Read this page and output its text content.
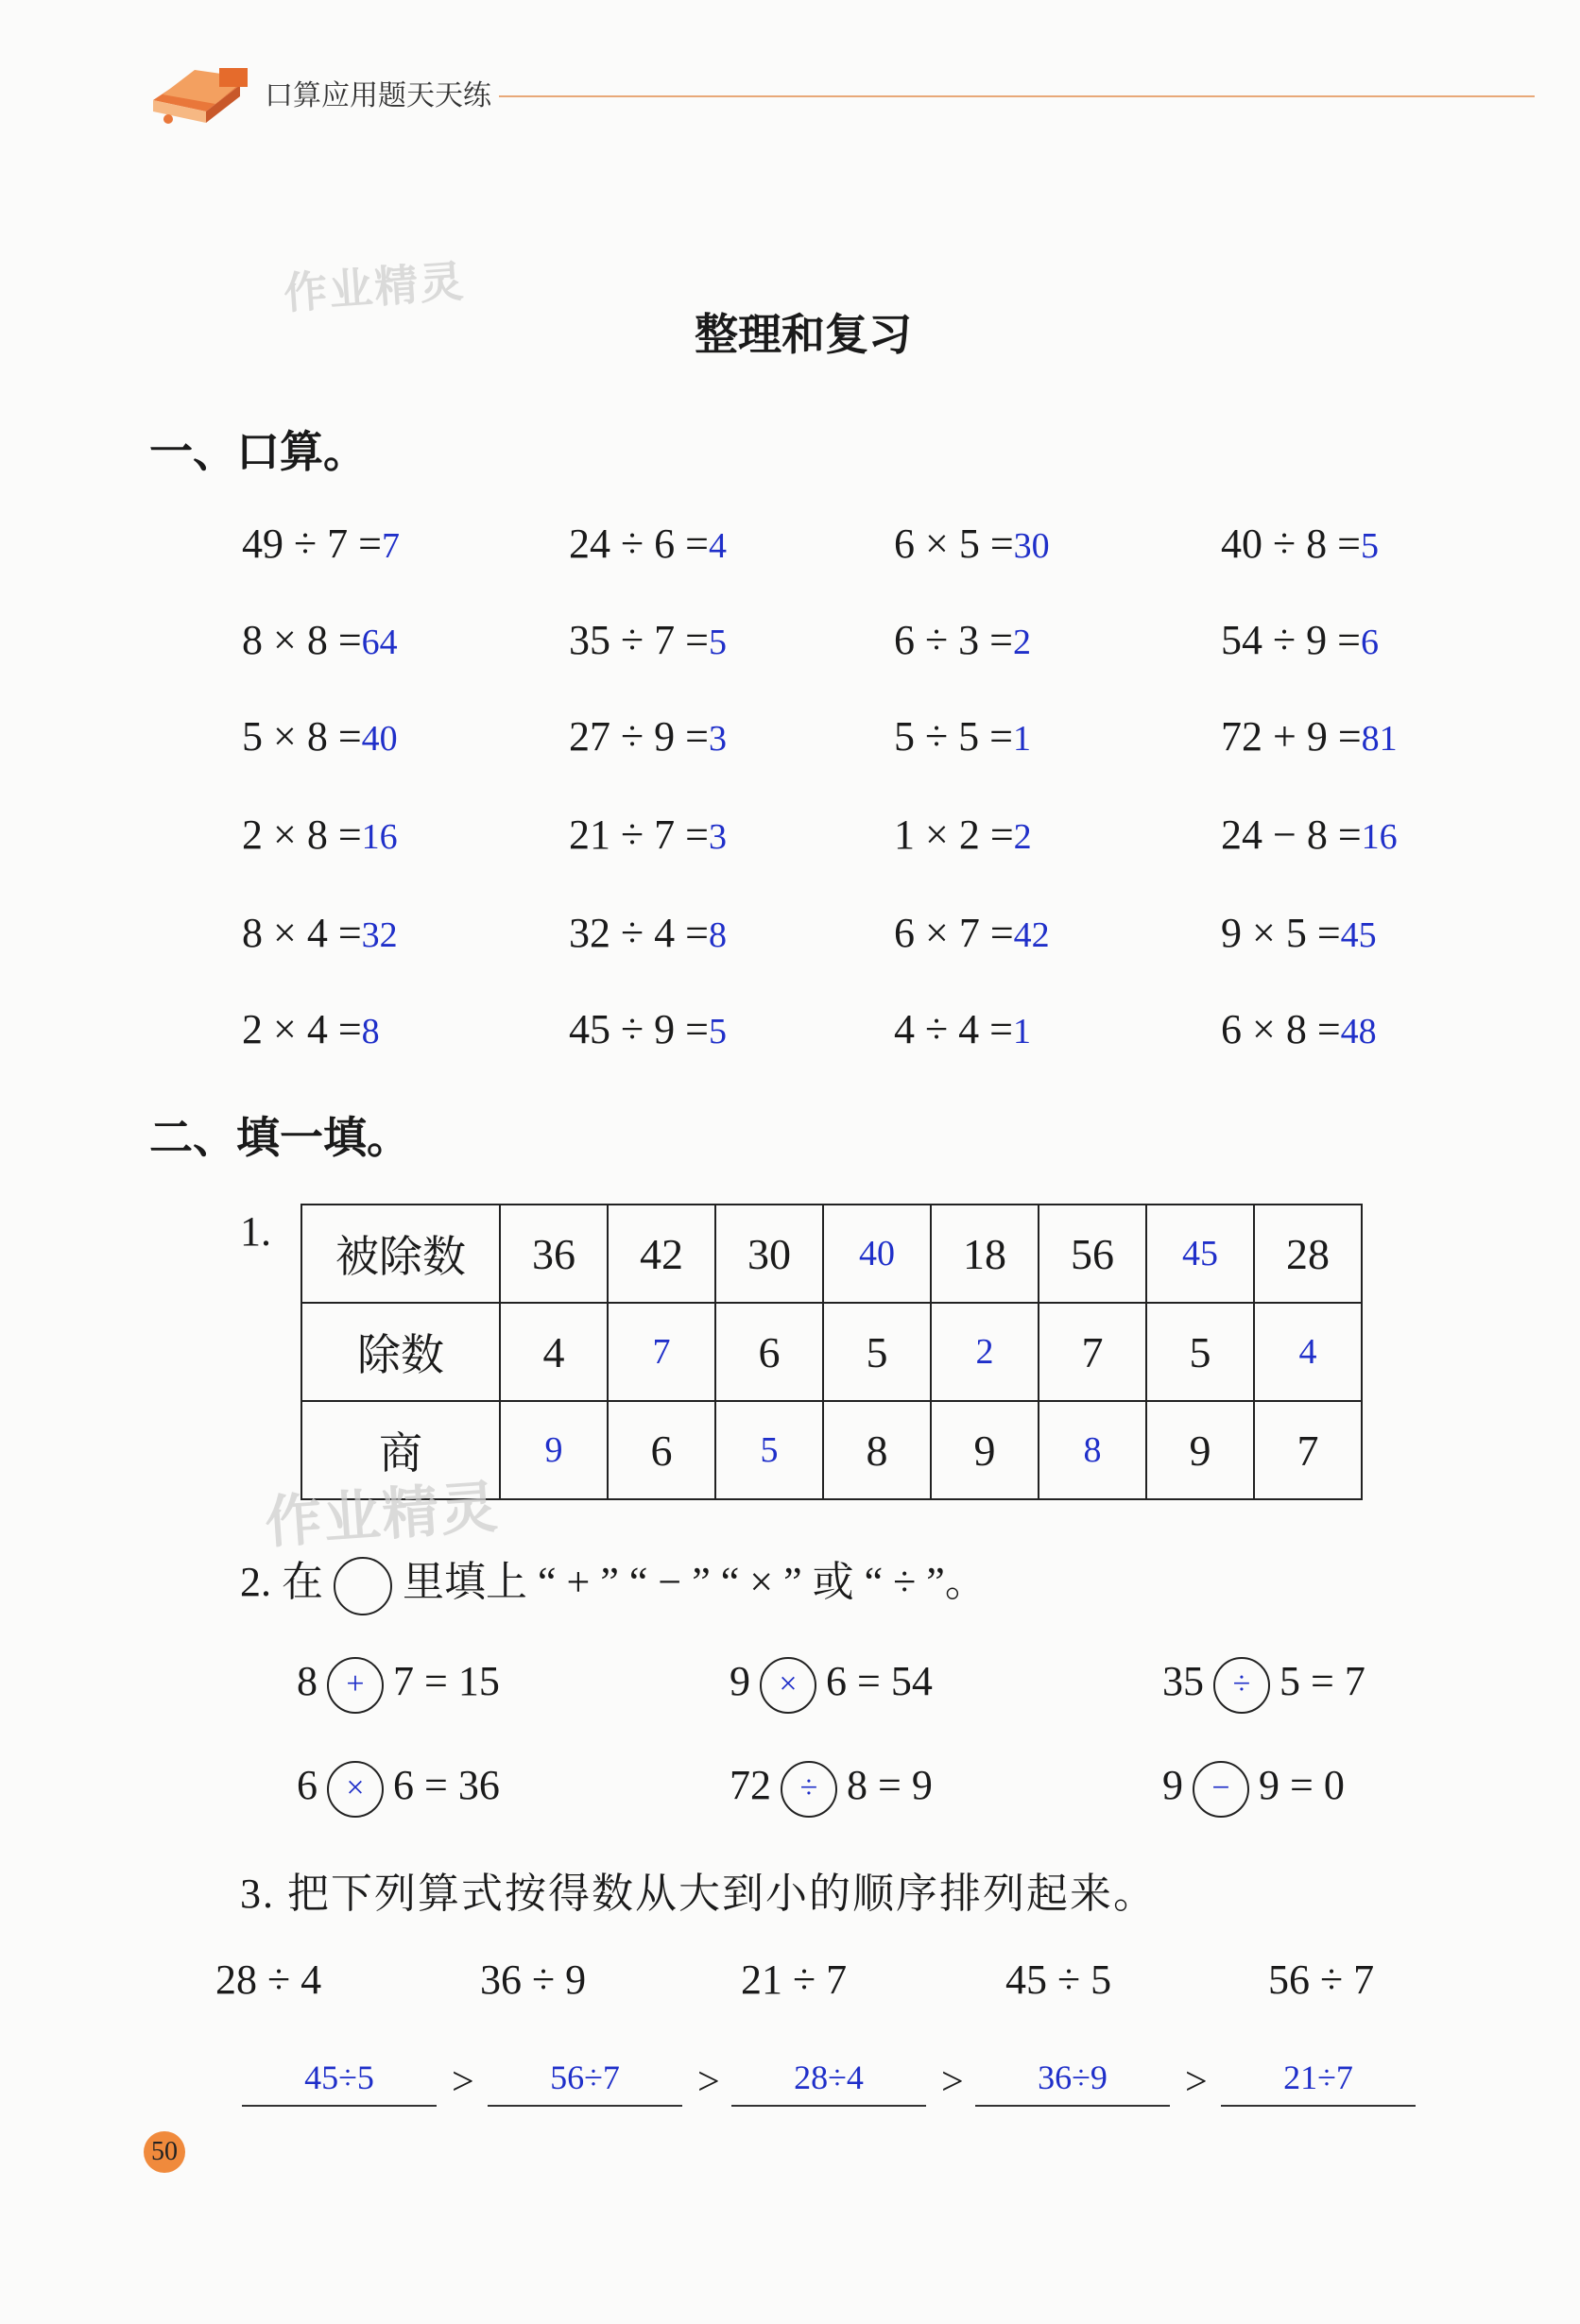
口算应用题天天练
作业精灵
整理和复习
一、口算。
49 ÷ 7 =7	24 ÷ 6 =4	6 × 5 =30	40 ÷ 8 =5
8 × 8 =64	35 ÷ 7 =5	6 ÷ 3 =2	54 ÷ 9 =6
5 × 8 =40	27 ÷ 9 =3	5 ÷ 5 =1	72 + 9 =81
2 × 8 =16	21 ÷ 7 =3	1 × 2 =2	24 − 8 =16
8 × 4 =32	32 ÷ 4 =8	6 × 7 =42	9 × 5 =45
2 × 4 =8	45 ÷ 9 =5	4 ÷ 4 =1	6 × 8 =48
二、填一填。
1. 被除数	36	42	30	40	18	56	45	28
除数	4	7	6	5	2	7	5	4
商	9	6	5	8	9	8	9	7
作业精灵
2. 在 里填上 “ + ” “ − ” “ × ” 或 “ ÷ ”。
8 + 7 = 15	9 × 6 = 54	35 ÷ 5 = 7
6 × 6 = 36	72 ÷ 8 = 9	9 − 9 = 0
3. 把下列算式按得数从大到小的顺序排列起来。
28 ÷ 4	36 ÷ 9	21 ÷ 7	45 ÷ 5	56 ÷ 7
45÷5	56÷7	28÷4	36÷9	21÷7
>	>	>	>
50
